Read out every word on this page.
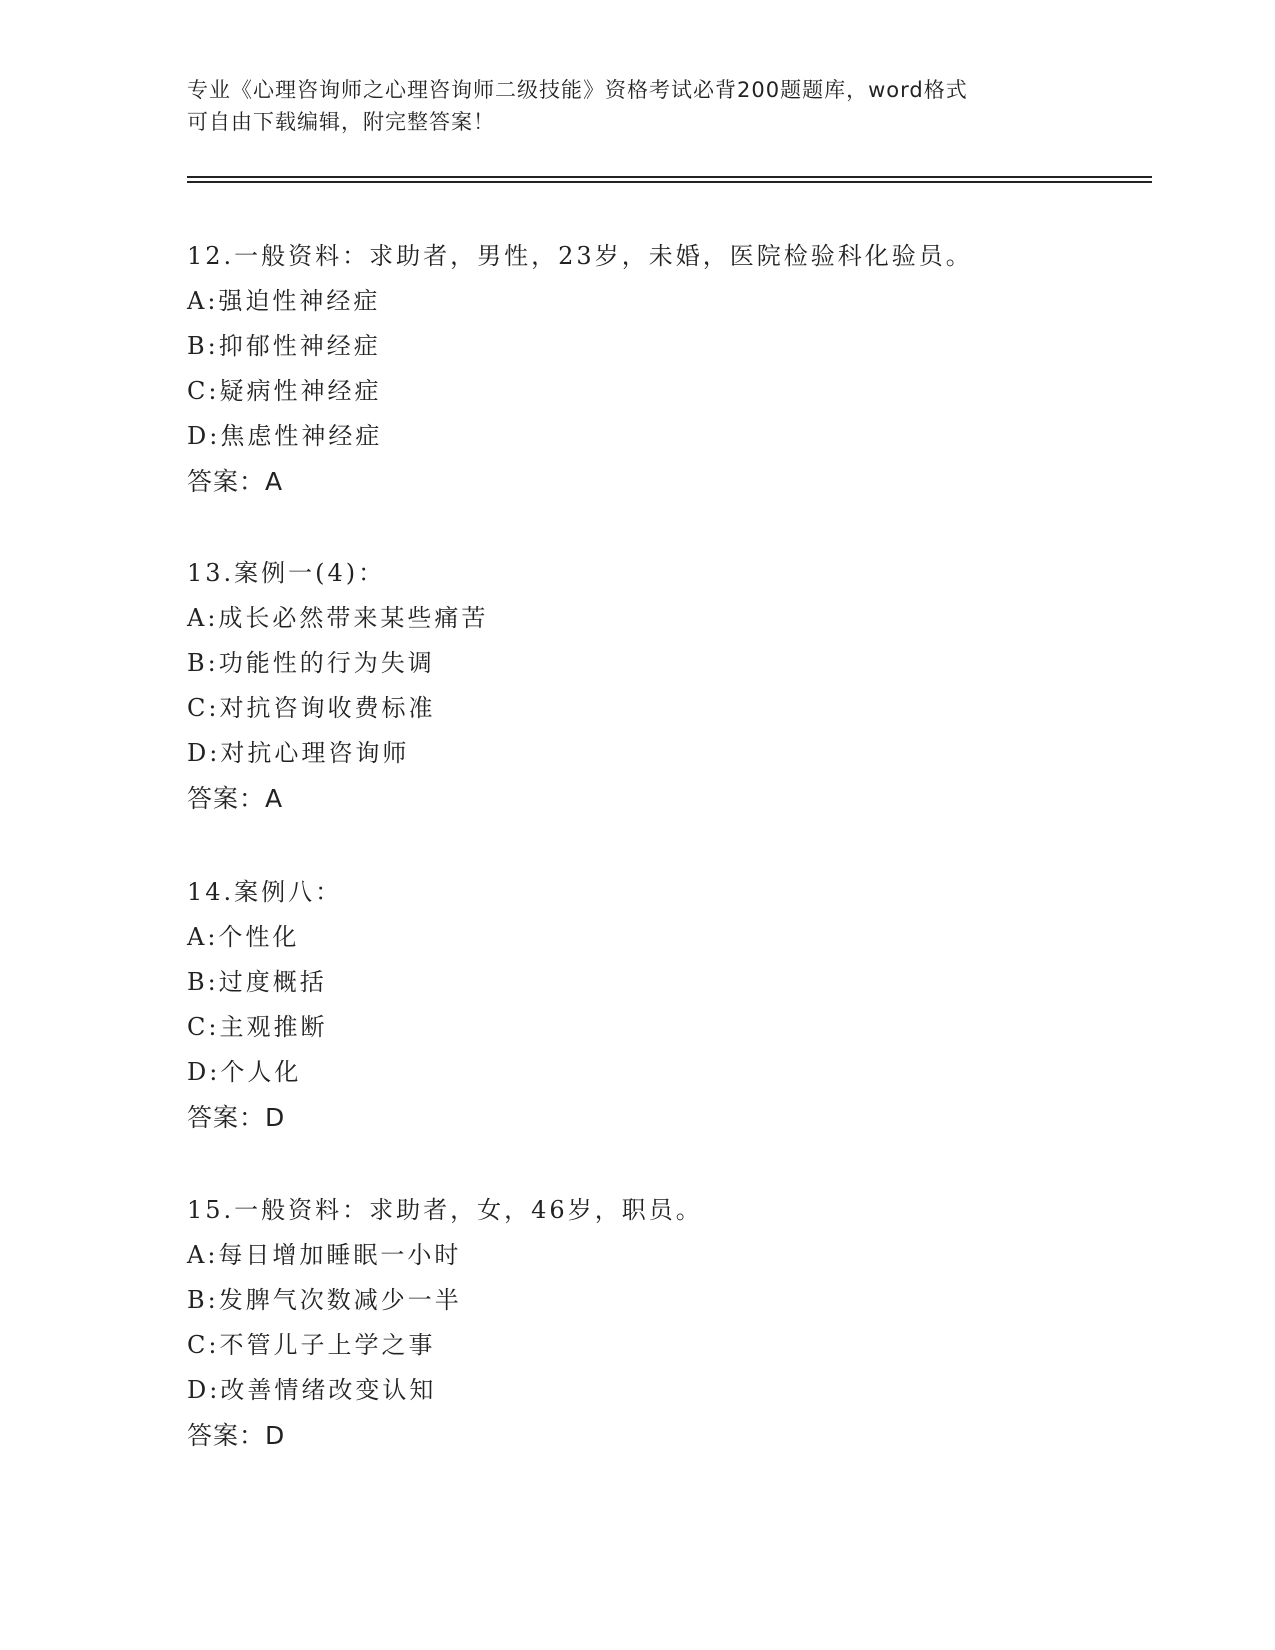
专业《心理咨询师之心理咨询师二级技能》资格考试必背200题题库，word格式
可自由下载编辑，附完整答案！
12.一般资料：求助者，男性，23岁，未婚，医院检验科化验员。
A:强迫性神经症
B:抑郁性神经症
C:疑病性神经症
D:焦虑性神经症
答案：A
13.案例一(4)：
A:成长必然带来某些痛苦
B:功能性的行为失调
C:对抗咨询收费标准
D:对抗心理咨询师
答案：A
14.案例八：
A:个性化
B:过度概括
C:主观推断
D:个人化
答案：D
15.一般资料：求助者，女，46岁，职员。
A:每日增加睡眠一小时
B:发脾气次数减少一半
C:不管儿子上学之事
D:改善情绪改变认知
答案：D
